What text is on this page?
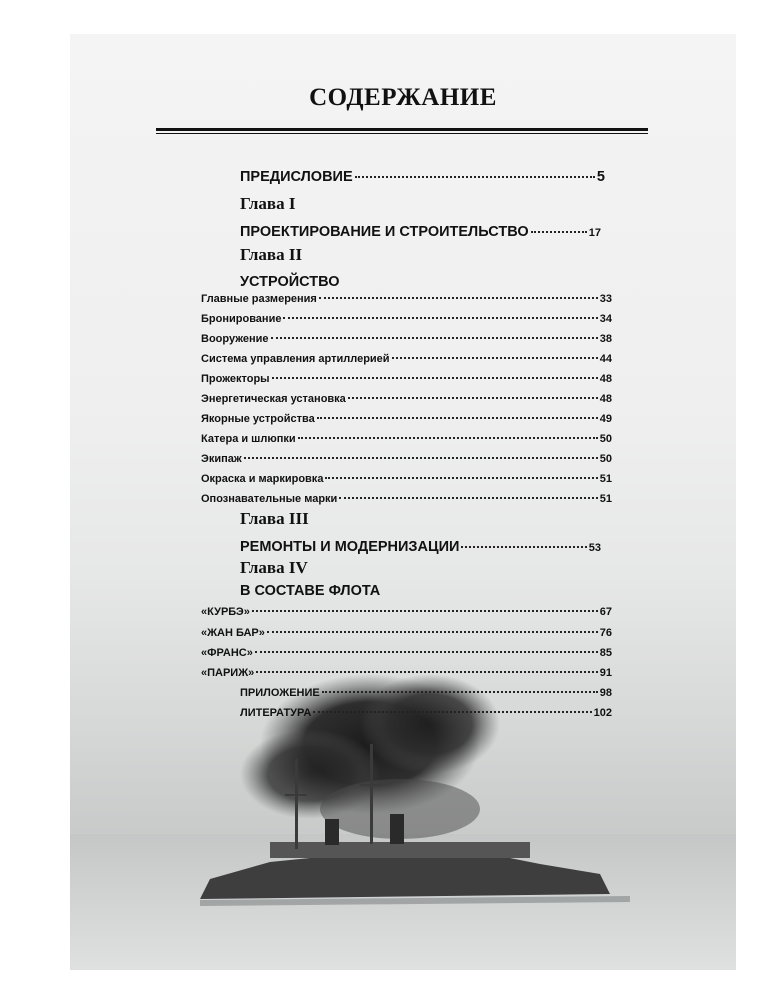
СОДЕРЖАНИЕ
ПРЕДИСЛОВИЕ	5
Глава I
ПРОЕКТИРОВАНИЕ И СТРОИТЕЛЬСТВО	17
Глава II
УСТРОЙСТВО
Главные размерения	33
Бронирование	34
Вооружение	38
Система управления артиллерией	44
Прожекторы	48
Энергетическая установка	48
Якорные устройства	49
Катера и шлюпки	50
Экипаж	50
Окраска и маркировка	51
Опознавательные марки	51
Глава III
РЕМОНТЫ И МОДЕРНИЗАЦИИ	53
Глава IV
В СОСТАВЕ ФЛОТА
«КУРБЭ»	67
«ЖАН БАР»	76
«ФРАНС»	85
«ПАРИЖ»	91
ПРИЛОЖЕНИЕ	98
ЛИТЕРАТУРА	102
